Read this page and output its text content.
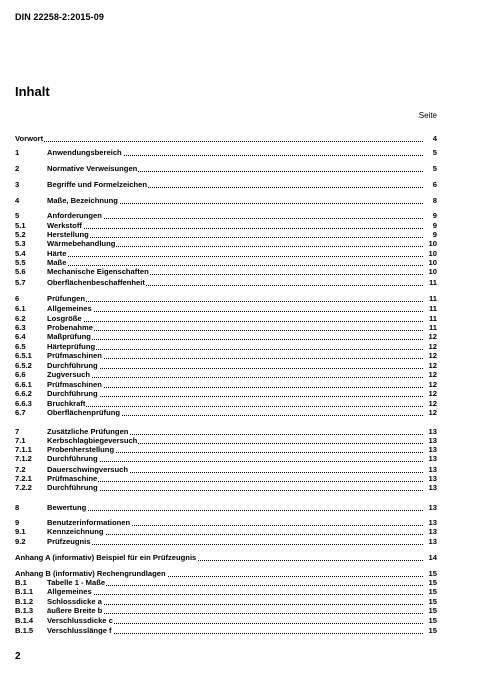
DIN 22258-2:2015-09
Inhalt
Seite
Vorwort	4
1	Anwendungsbereich	5
2	Normative Verweisungen	5
3	Begriffe und Formelzeichen	6
4	Maße, Bezeichnung	8
5	Anforderungen	9
5.1	Werkstoff	9
5.2	Herstellung	9
5.3	Wärmebehandlung	10
5.4	Härte	10
5.5	Maße	10
5.6	Mechanische Eigenschaften	10
5.7	Oberflächenbeschaffenheit	11
6	Prüfungen	11
6.1	Allgemeines	11
6.2	Losgröße	11
6.3	Probenahme	11
6.4	Maßprüfung	12
6.5	Härteprüfung	12
6.5.1 Prüfmaschinen	12
6.5.2 Durchführung	12
6.6	Zugversuch	12
6.6.1 Prüfmaschinen	12
6.6.2 Durchführung	12
6.6.3 Bruchkraft	12
6.7	Oberflächenprüfung	12
7	Zusätzliche Prüfungen	13
7.1	Kerbschlagbiegeversuch	13
7.1.1 Probenherstellung	13
7.1.2 Durchführung	13
7.2	Dauerschwingversuch	13
7.2.1 Prüfmaschine	13
7.2.2 Durchführung	13
8	Bewertung	13
9	Benutzerinformationen	13
9.1	Kennzeichnung	13
9.2	Prüfzeugnis	13
Anhang A (informativ) Beispiel für ein Prüfzeugnis	14
Anhang B (informativ) Rechengrundlagen	15
B.1	Tabelle 1 - Maße	15
B.1.1 Allgemeines	15
B.1.2 Schlossdicke a	15
B.1.3 äußere Breite b	15
B.1.4 Verschlussdicke c	15
B.1.5 Verschlusslänge f	15
2
